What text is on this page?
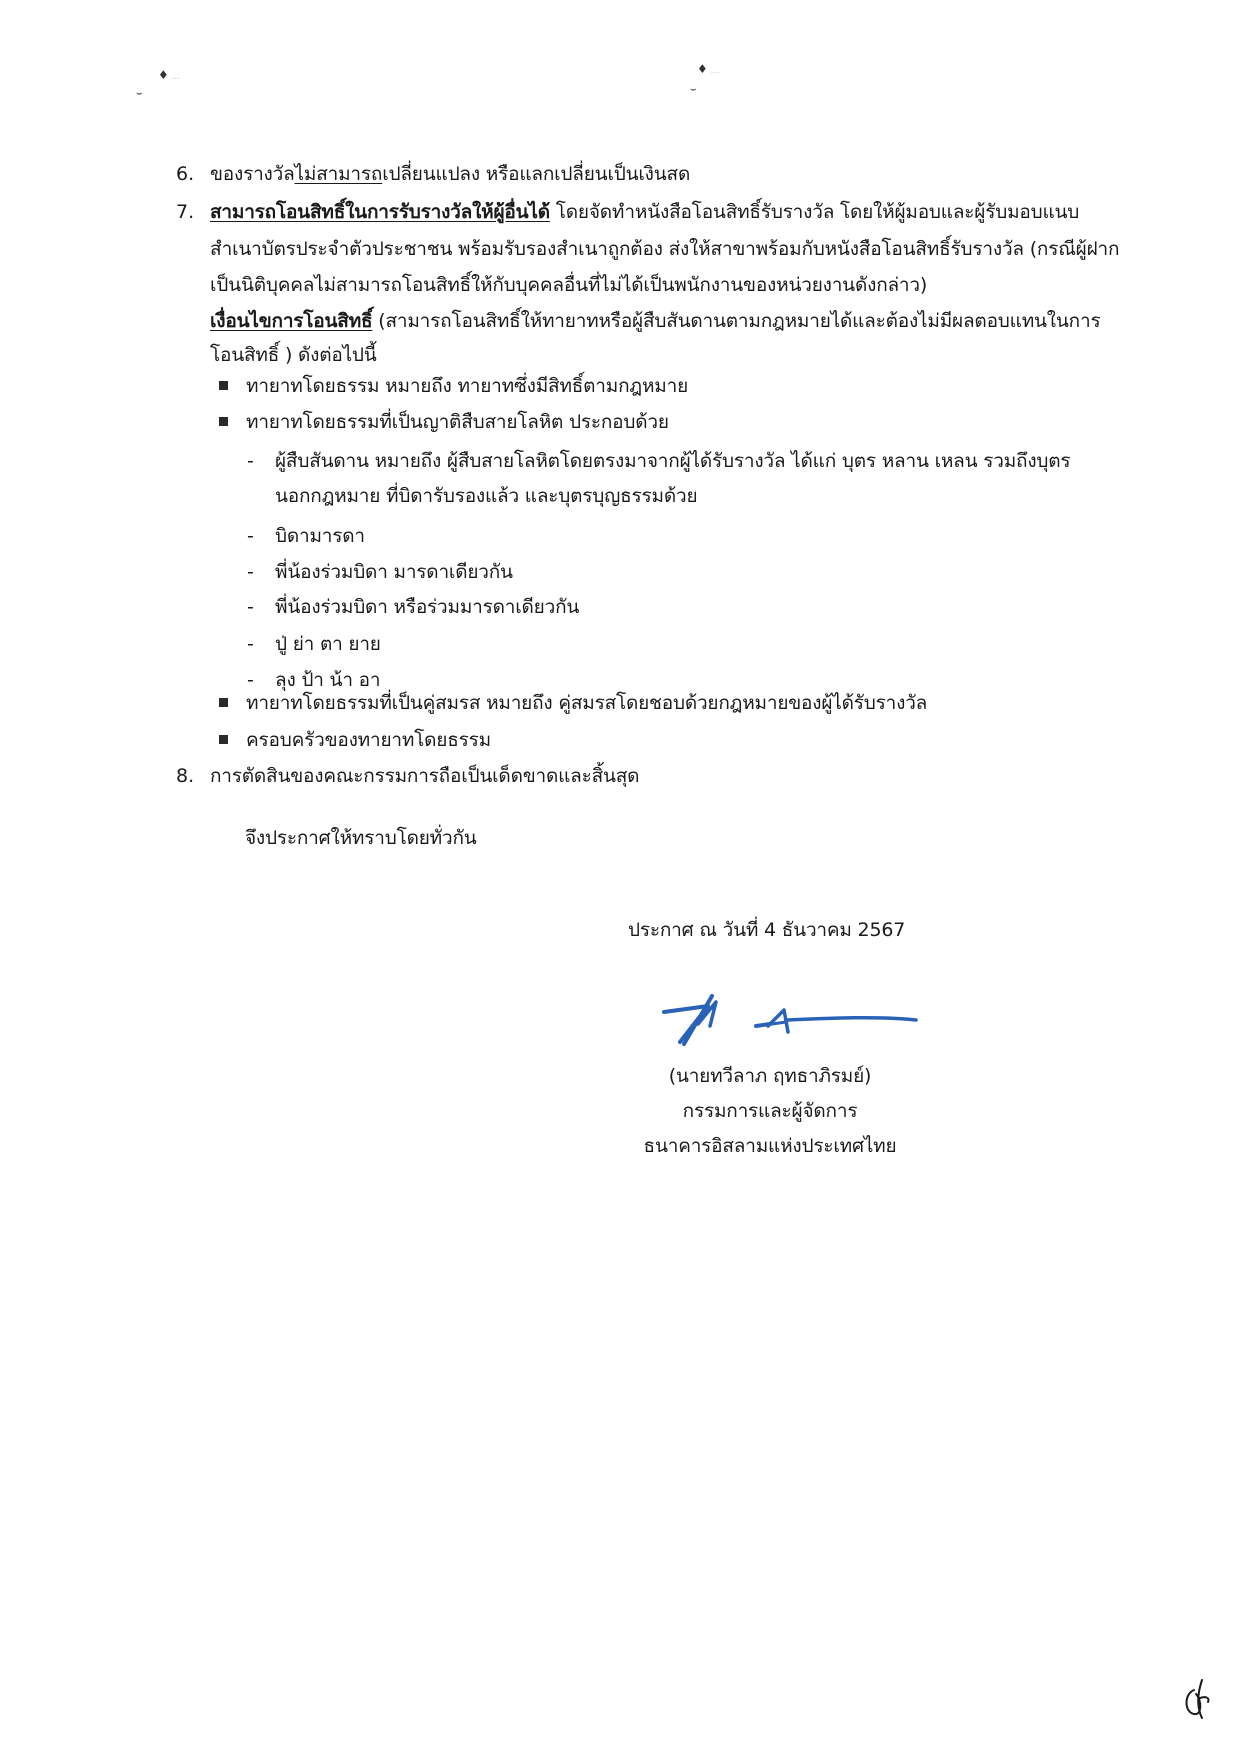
♦ ...
⌣
♦ ...
⌣
6. ของรางวัลไม่สามารถเปลี่ยนแปลง หรือแลกเปลี่ยนเป็นเงินสด
7. สามารถโอนสิทธิ์ในการรับรางวัลให้ผู้อื่นได้ โดยจัดทำหนังสือโอนสิทธิ์รับรางวัล โดยให้ผู้มอบและผู้รับมอบแนบ
สำเนาบัตรประจำตัวประชาชน พร้อมรับรองสำเนาถูกต้อง ส่งให้สาขาพร้อมกับหนังสือโอนสิทธิ์รับรางวัล (กรณีผู้ฝาก
เป็นนิติบุคคลไม่สามารถโอนสิทธิ์ให้กับบุคคลอื่นที่ไม่ได้เป็นพนักงานของหน่วยงานดังกล่าว)
เงื่อนไขการโอนสิทธิ์ (สามารถโอนสิทธิ์ให้ทายาทหรือผู้สืบสันดานตามกฎหมายได้และต้องไม่มีผลตอบแทนในการ
โอนสิทธิ์ ) ดังต่อไปนี้
ทายาทโดยธรรม หมายถึง ทายาทซึ่งมีสิทธิ์ตามกฎหมาย
ทายาทโดยธรรมที่เป็นญาติสืบสายโลหิต ประกอบด้วย
- ผู้สืบสันดาน หมายถึง ผู้สืบสายโลหิตโดยตรงมาจากผู้ได้รับรางวัล ได้แก่ บุตร หลาน เหลน รวมถึงบุตร
นอกกฎหมาย ที่บิดารับรองแล้ว และบุตรบุญธรรมด้วย
- บิดามารดา
- พี่น้องร่วมบิดา มารดาเดียวกัน
- พี่น้องร่วมบิดา หรือร่วมมารดาเดียวกัน
- ปู่ ย่า ตา ยาย
- ลุง ป้า น้า อา
ทายาทโดยธรรมที่เป็นคู่สมรส หมายถึง คู่สมรสโดยชอบด้วยกฎหมายของผู้ได้รับรางวัล
ครอบครัวของทายาทโดยธรรม
8. การตัดสินของคณะกรรมการถือเป็นเด็ดขาดและสิ้นสุด
จึงประกาศให้ทราบโดยทั่วกัน
ประกาศ ณ วันที่ 4 ธันวาคม 2567
(นายทวีลาภ ฤทธาภิรมย์)
กรรมการและผู้จัดการ
ธนาคารอิสลามแห่งประเทศไทย
